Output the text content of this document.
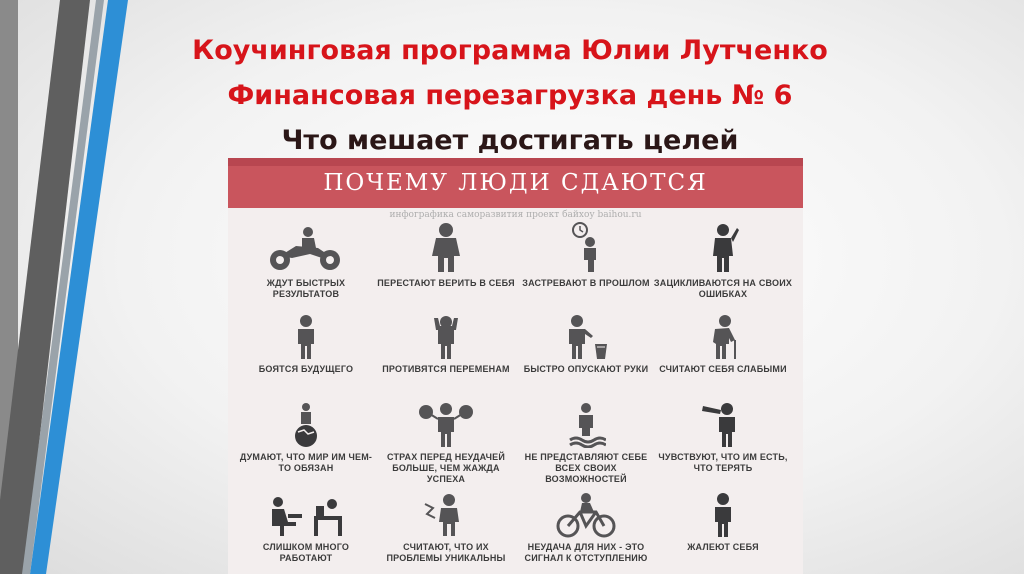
Коучинговая программа Юлии Лутченко
Финансовая перезагрузка день № 6
Что мешает достигать целей
ПОЧЕМУ ЛЮДИ СДАЮТСЯ
инфографика саморазвития проект байхоу baihou.ru
ЖДУТ БЫСТРЫХ РЕЗУЛЬТАТОВ
ПЕРЕСТАЮТ ВЕРИТЬ В СЕБЯ ЗАСТРЕВАЮТ В ПРОШЛОМ ЗАЦИКЛИВАЮТСЯ НА СВОИХ ОШИБКАХ
БОЯТСЯ БУДУЩЕГО	ПРОТИВЯТСЯ ПЕРЕМЕНАМ	БЫСТРО ОПУСКАЮТ РУКИ	СЧИТАЮТ СЕБЯ СЛАБЫМИ
ДУМАЮТ, ЧТО МИР ИМ ЧЕМ-ТО ОБЯЗАН
СТРАХ ПЕРЕД НЕУДАЧЕЙ БОЛЬШЕ, ЧЕМ ЖАЖДА УСПЕХА
НЕ ПРЕДСТАВЛЯЮТ СЕБЕ ВСЕХ СВОИХ ВОЗМОЖНОСТЕЙ
ЧУВСТВУЮТ, ЧТО ИМ ЕСТЬ, ЧТО ТЕРЯТЬ
СЛИШКОМ МНОГО РАБОТАЮТ
СЧИТАЮТ, ЧТО ИХ ПРОБЛЕМЫ УНИКАЛЬНЫ
НЕУДАЧА ДЛЯ НИХ - ЭТО СИГНАЛ К ОТСТУПЛЕНИЮ
ЖАЛЕЮТ СЕБЯ
